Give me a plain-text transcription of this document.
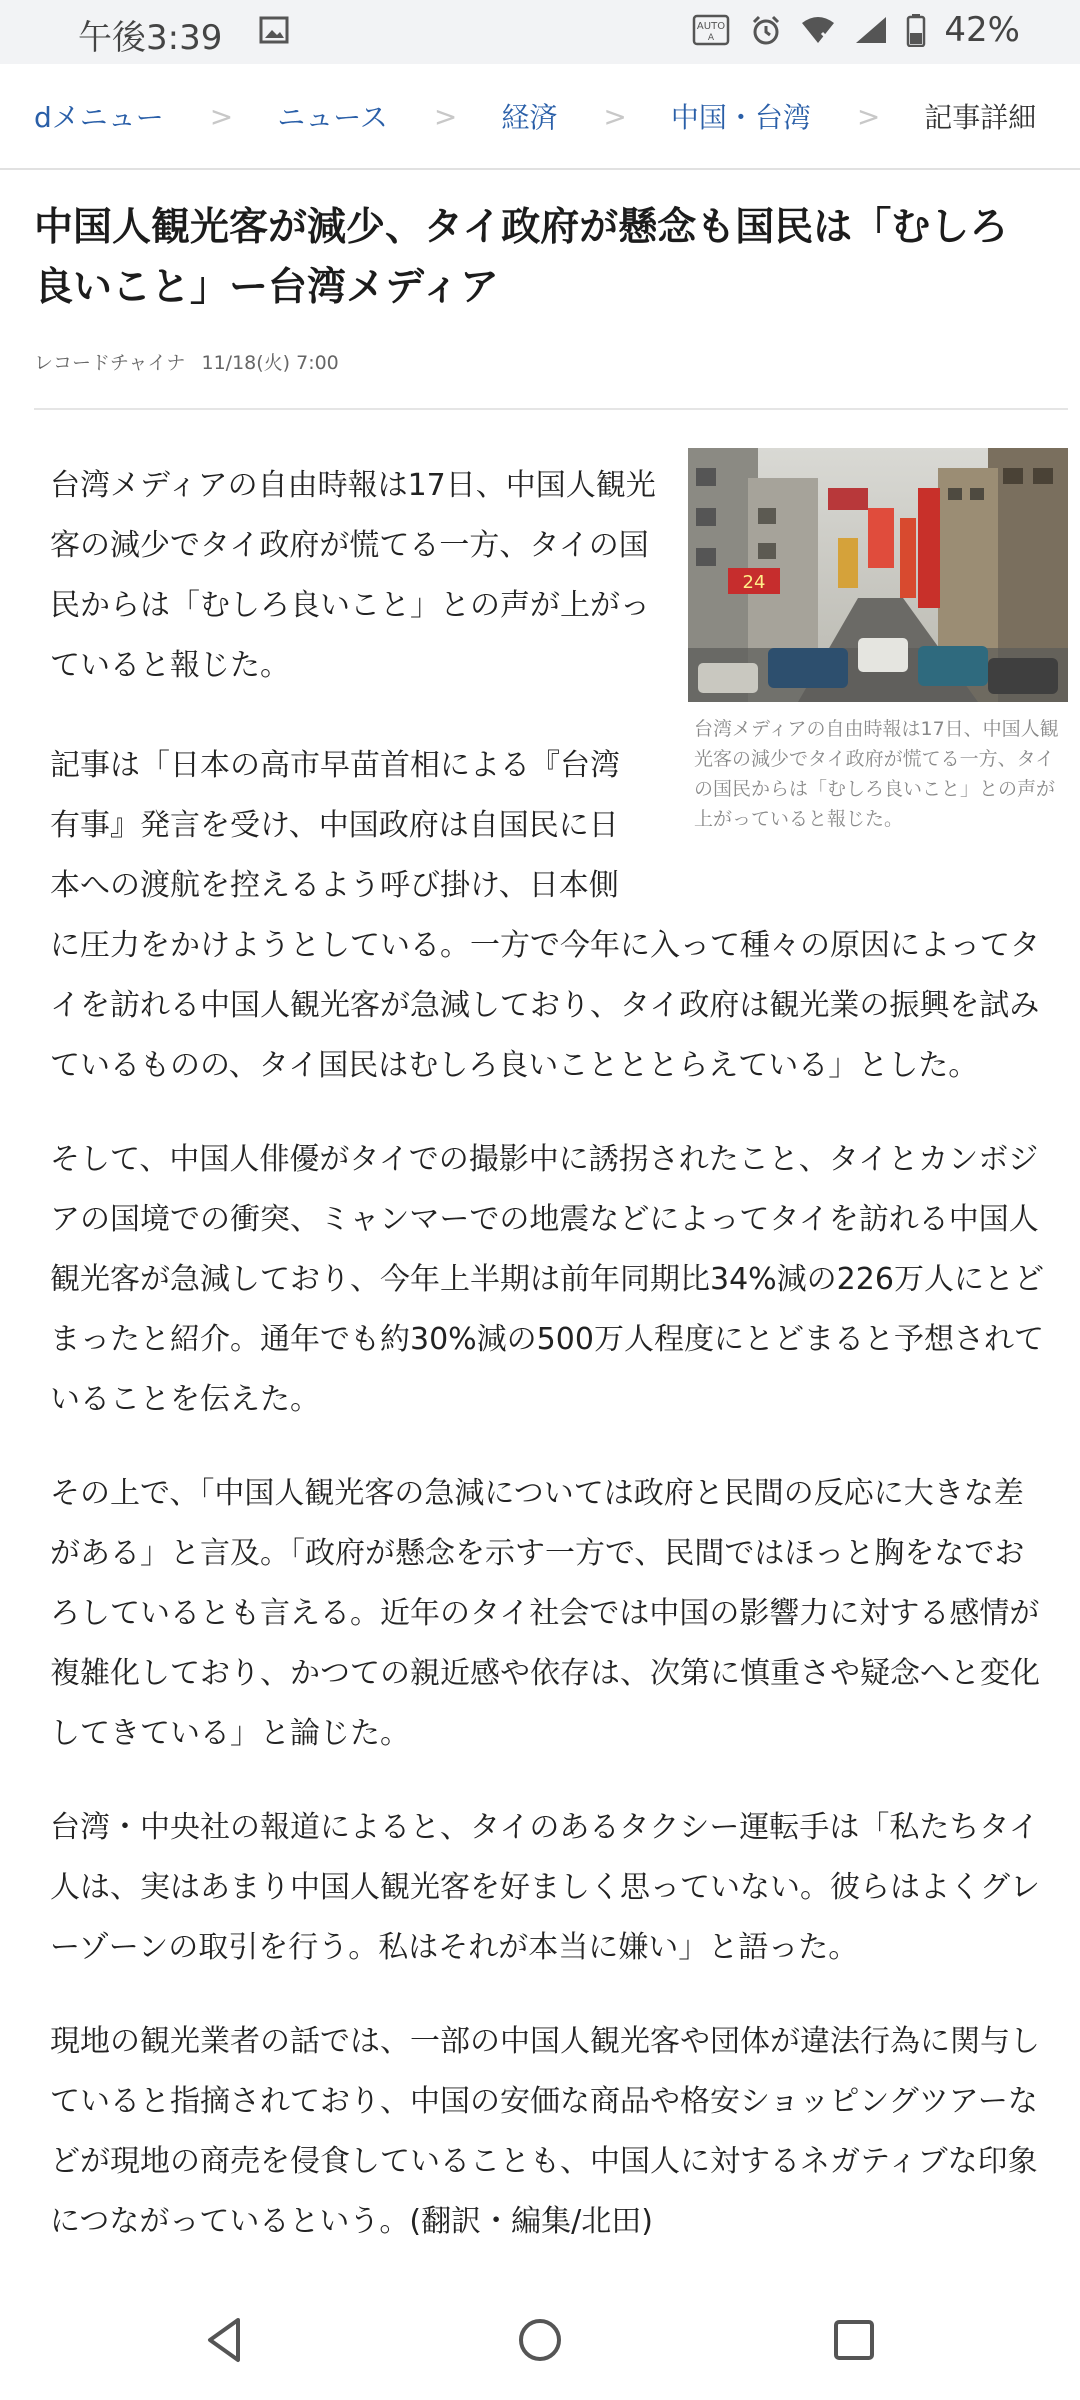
午後3:39	AUTO
A	42%
dメニュー > ニュース > 経済 > 中国・台湾 > 記事詳細
中国人観光客が減少、タイ政府が懸念も国民は「むしろ良いこと」ー台湾メディア
レコードチャイナ 11/18(火) 7:00
24
台湾メディアの自由時報は17日、中国人観光客の減少でタイ政府が慌てる一方、タイの国民からは「むしろ良いこと」との声が上がっていると報じた。

台湾メディアの自由時報は17日、中国人観光客の減少でタイ政府が慌てる一方、タイの国民からは「むしろ良いこと」との声が上がっていると報じた。

記事は「日本の高市早苗首相による『台湾有事』発言を受け、中国政府は自国民に日本への渡航を控えるよう呼び掛け、日本側に圧力をかけようとしている。一方で今年に入って種々の原因によってタイを訪れる中国人観光客が急減しており、タイ政府は観光業の振興を試みているものの、タイ国民はむしろ良いことととらえている」とした。

そして、中国人俳優がタイでの撮影中に誘拐されたこと、タイとカンボジアの国境での衝突、ミャンマーでの地震などによってタイを訪れる中国人観光客が急減しており、今年上半期は前年同期比34%減の226万人にとどまったと紹介。通年でも約30%減の500万人程度にとどまると予想されていることを伝えた。

その上で、「中国人観光客の急減については政府と民間の反応に大きな差がある」と言及。「政府が懸念を示す一方で、民間ではほっと胸をなでおろしているとも言える。近年のタイ社会では中国の影響力に対する感情が複雑化しており、かつての親近感や依存は、次第に慎重さや疑念へと変化してきている」と論じた。

台湾・中央社の報道によると、タイのあるタクシー運転手は「私たちタイ人は、実はあまり中国人観光客を好ましく思っていない。彼らはよくグレーゾーンの取引を行う。私はそれが本当に嫌い」と語った。

現地の観光業者の話では、一部の中国人観光客や団体が違法行為に関与していると指摘されており、中国の安価な商品や格安ショッピングツアーなどが現地の商売を侵食していることも、中国人に対するネガティブな印象につながっているという。(翻訳・編集/北田)
